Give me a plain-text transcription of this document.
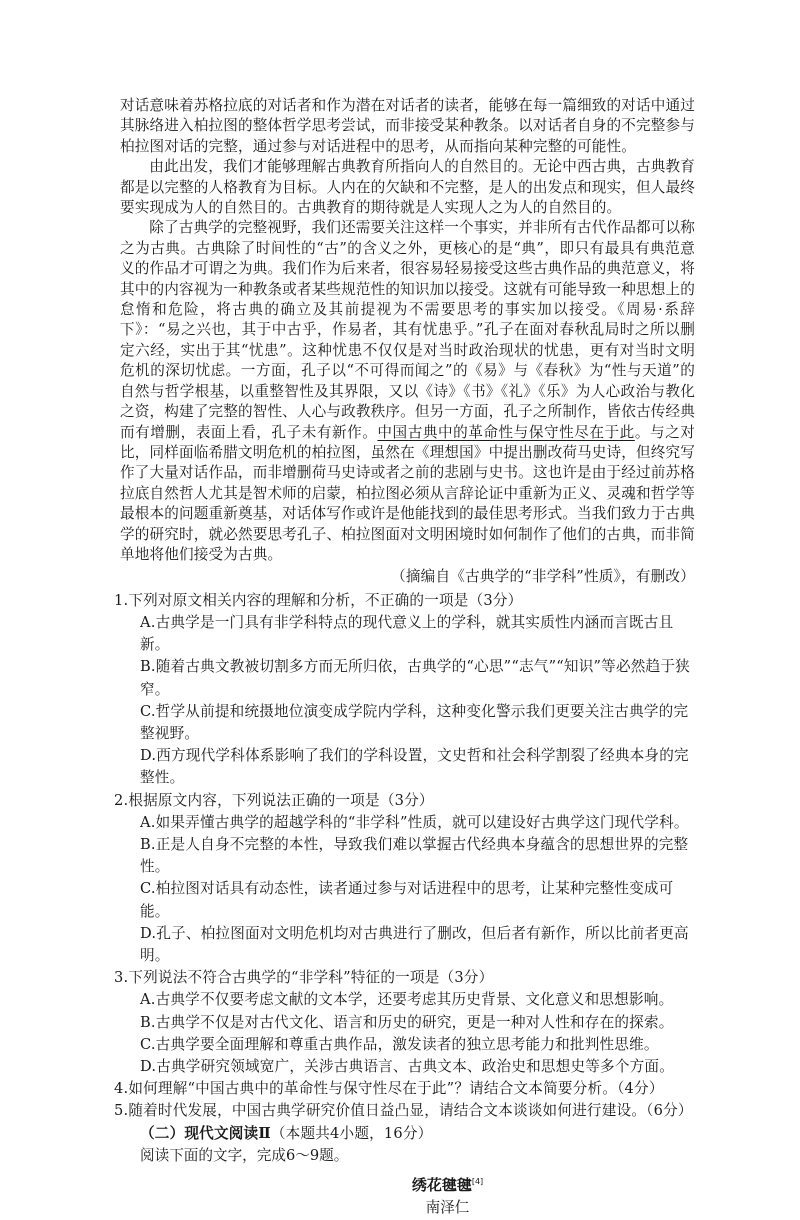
对话意味着苏格拉底的对话者和作为潜在对话者的读者，能够在每一篇细致的对话中通过其脉络进入柏拉图的整体哲学思考尝试，而非接受某种教条。以对话者自身的不完整参与柏拉图对话的完整，通过参与对话进程中的思考，从而指向某种完整的可能性。

由此出发，我们才能够理解古典教育所指向人的自然目的。无论中西古典，古典教育都是以完整的人格教育为目标。人内在的欠缺和不完整，是人的出发点和现实，但人最终要实现成为人的自然目的。古典教育的期待就是人实现人之为人的自然目的。

除了古典学的完整视野，我们还需要关注这样一个事实，并非所有古代作品都可以称之为古典。古典除了时间性的“古”的含义之外，更核心的是“典”，即只有最具有典范意义的作品才可谓之为典。我们作为后来者，很容易轻易接受这些古典作品的典范意义，将其中的内容视为一种教条或者某些规范性的知识加以接受。这就有可能导致一种思想上的怠惰和危险，将古典的确立及其前提视为不需要思考的事实加以接受。《周易·系辞下》：“易之兴也，其于中古乎，作易者，其有忧患乎。”孔子在面对春秋乱局时之所以删定六经，实出于其“忧患”。这种忧患不仅仅是对当时政治现状的忧患，更有对当时文明危机的深切忧虑。一方面，孔子以“不可得而闻之”的《易》与《春秋》为“性与天道”的自然与哲学根基，以重整智性及其界限，又以《诗》《书》《礼》《乐》为人心政治与教化之资，构建了完整的智性、人心与政教秩序。但另一方面，孔子之所制作，皆依古传经典而有增删，表面上看，孔子未有新作。中国古典中的革命性与保守性尽在于此。与之对比，同样面临希腊文明危机的柏拉图，虽然在《理想国》中提出删改荷马史诗，但终究写作了大量对话作品，而非增删荷马史诗或者之前的悲剧与史书。这也许是由于经过前苏格拉底自然哲人尤其是智术师的启蒙，柏拉图必须从言辞论证中重新为正义、灵魂和哲学等最根本的问题重新奠基，对话体写作或许是他能找到的最佳思考形式。当我们致力于古典学的研究时，就必然要思考孔子、柏拉图面对文明困境时如何制作了他们的古典，而非简单地将他们接受为古典。

（摘编自《古典学的“非学科”性质》，有删改）

1.下列对原文相关内容的理解和分析，不正确的一项是（3分）

A.古典学是一门具有非学科特点的现代意义上的学科，就其实质性内涵而言既古且新。

B.随着古典文教被切割多方而无所归依，古典学的“心思”“志气”“知识”等必然趋于狭窄。

C.哲学从前提和统摄地位演变成学院内学科，这种变化警示我们更要关注古典学的完整视野。

D.西方现代学科体系影响了我们的学科设置，文史哲和社会科学割裂了经典本身的完整性。

2.根据原文内容，下列说法正确的一项是（3分）

A.如果弄懂古典学的超越学科的“非学科”性质，就可以建设好古典学这门现代学科。

B.正是人自身不完整的本性，导致我们难以掌握古代经典本身蕴含的思想世界的完整性。

C.柏拉图对话具有动态性，读者通过参与对话进程中的思考，让某种完整性变成可能。

D.孔子、柏拉图面对文明危机均对古典进行了删改，但后者有新作，所以比前者更高明。

3.下列说法不符合古典学的“非学科”特征的一项是（3分）

A.古典学不仅要考虑文献的文本学，还要考虑其历史背景、文化意义和思想影响。

B.古典学不仅是对古代文化、语言和历史的研究，更是一种对人性和存在的探索。

C.古典学要全面理解和尊重古典作品，激发读者的独立思考能力和批判性思维。

D.古典学研究领域宽广，关涉古典语言、古典文本、政治史和思想史等多个方面。

4.如何理解“中国古典中的革命性与保守性尽在于此”？请结合文本简要分析。（4分）

5.随着时代发展，中国古典学研究价值日益凸显，请结合文本谈谈如何进行建设。（6分）

（二）现代文阅读Ⅱ（本题共4小题，16分）

阅读下面的文字，完成6～9题。

绣花毽毽[4]

南泽仁
